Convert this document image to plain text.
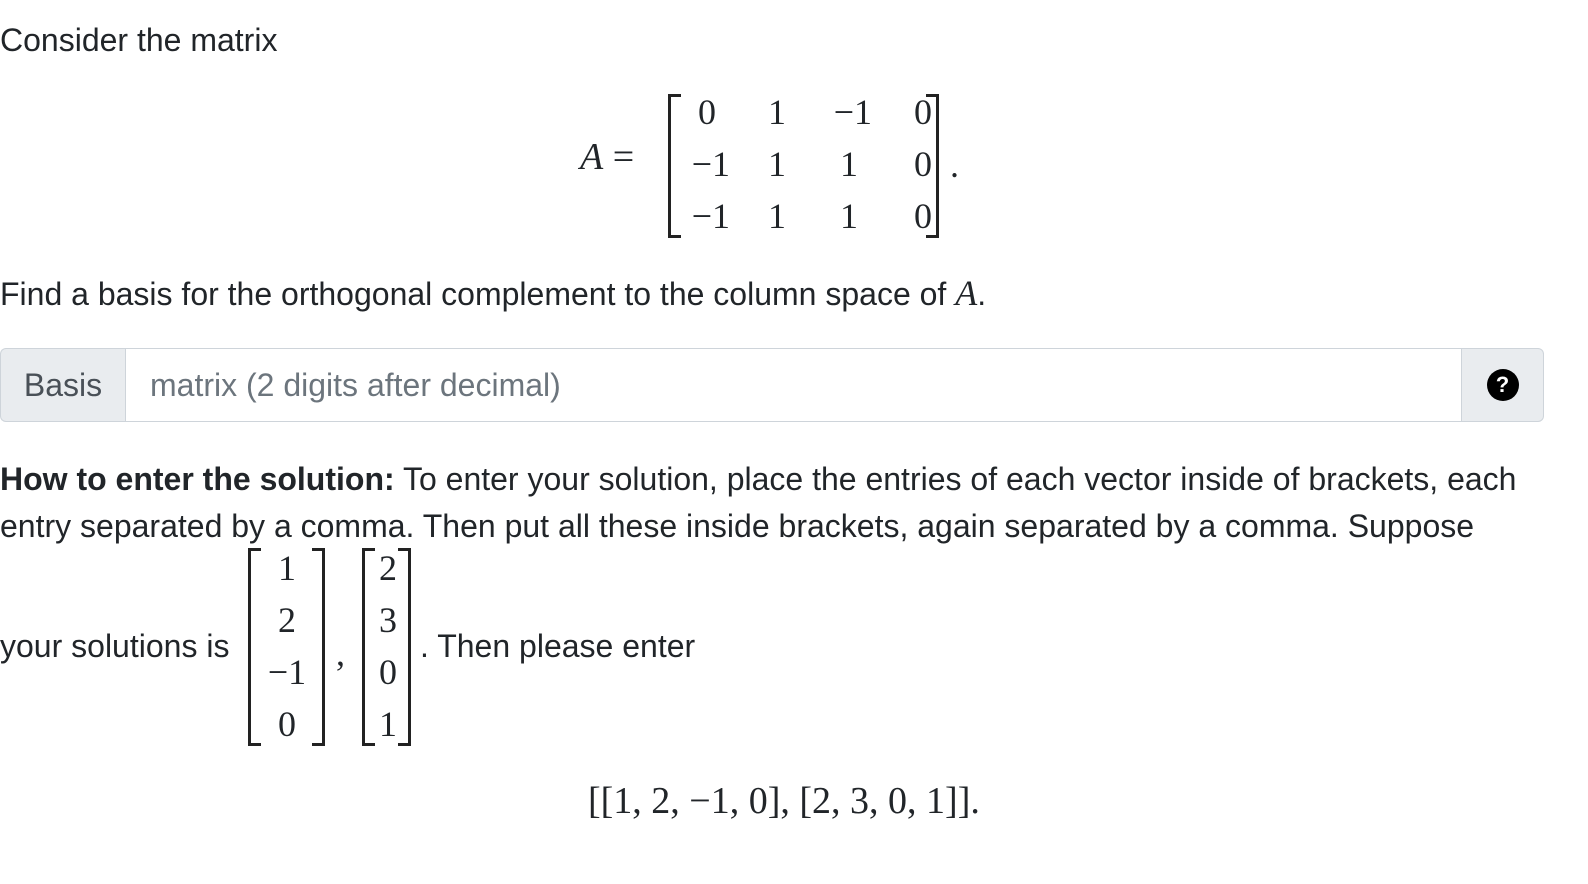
Consider the matrix
A =
0	1	−1	0
−1	1	1	0
−1	1	1	0
.
Find a basis for the orthogonal complement to the column space of A.
Basis
matrix (2 digits after decimal)	?
How to enter the solution: To enter your solution, place the entries of each vector inside of brackets, each
entry separated by a comma. Then put all these inside brackets, again separated by a comma. Suppose
your solutions is
1
2
−1
0
,
2
3
0
1
. Then please enter
[[1, 2, −1, 0], [2, 3, 0, 1]].
